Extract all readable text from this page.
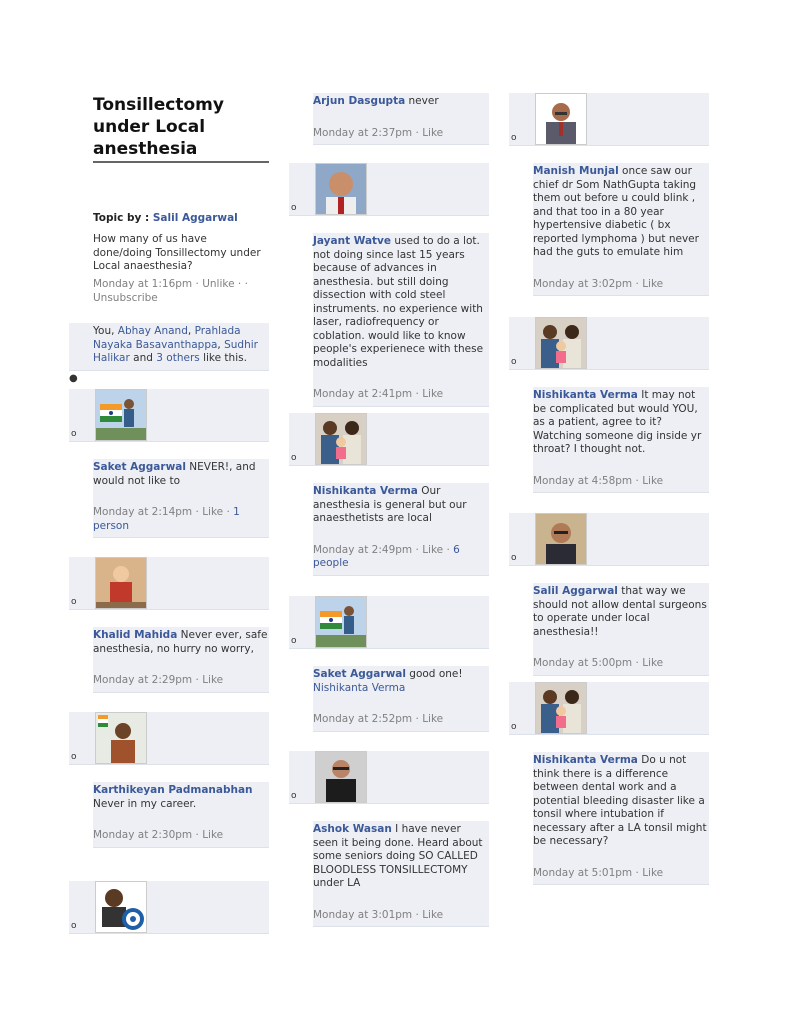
Tonsillectomy under Local anesthesia
Topic by : Salil Aggarwal
How many of us have done/doing Tonsillectomy under Local anaesthesia?
Monday at 1:16pm · Unlike · · Unsubscribe
You, Abhay Anand, Prahlada Nayaka Basavanthappa, Sudhir Halikar and 3 others like this.
●
o
Saket Aggarwal NEVER!, and would not like to
Monday at 2:14pm · Like · 1 person
o
Khalid Mahida Never ever, safe anesthesia, no hurry no worry,
Monday at 2:29pm · Like
o
Karthikeyan Padmanabhan Never in my career.
Monday at 2:30pm · Like
o
Arjun Dasgupta never
Monday at 2:37pm · Like
o
Jayant Watve used to do a lot. not doing since last 15 years because of advances in anesthesia. but still doing dissection with cold steel instruments. no experience with laser, radiofrequency or coblation. would like to know people's experienece with these modalities
Monday at 2:41pm · Like
o
Nishikanta Verma Our anesthesia is general but our anaesthetists are local
Monday at 2:49pm · Like · 6 people
o
Saket Aggarwal good one! Nishikanta Verma
Monday at 2:52pm · Like
o
Ashok Wasan I have never seen it being done. Heard about some seniors doing SO CALLED BLOODLESS TONSILLECTOMY under LA
Monday at 3:01pm · Like
o
Manish Munjal once saw our chief dr Som NathGupta taking them out before u could blink , and that too in a 80 year hypertensive diabetic ( bx reported lymphoma ) but never had the guts to emulate him
Monday at 3:02pm · Like
o
Nishikanta Verma It may not be complicated but would YOU, as a patient, agree to it? Watching someone dig inside yr throat? I thought not.
Monday at 4:58pm · Like
o
Salil Aggarwal that way we should not allow dental surgeons to operate under local anesthesia!!
Monday at 5:00pm · Like
o
Nishikanta Verma Do u not think there is a difference between dental work and a potential bleeding disaster like a tonsil where intubation if necessary after a LA tonsil might be necessary?
Monday at 5:01pm · Like
